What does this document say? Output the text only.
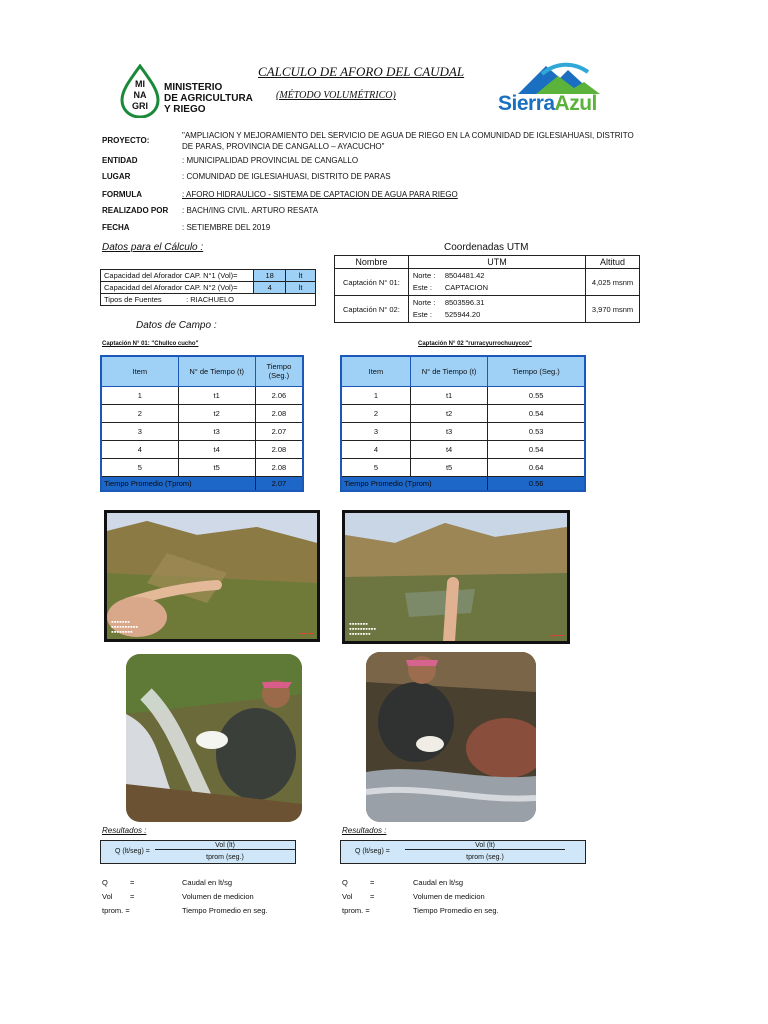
MI
NA
GRI
MINISTERIO
DE AGRICULTURA
Y RIEGO
CALCULO DE AFORO DEL CAUDAL
(MÉTODO VOLUMÉTRICO)	SierraAzul
PROYECTO:
"AMPLIACION Y MEJORAMIENTO DEL SERVICIO DE AGUA DE RIEGO EN LA COMUNIDAD DE IGLESIAHUASI, DISTRITO DE PARAS, PROVINCIA DE CANGALLO – AYACUCHO"
ENTIDAD	: MUNICIPALIDAD PROVINCIAL DE CANGALLO
LUGAR	: COMUNIDAD DE IGLESIAHUASI, DISTRITO DE PARAS
FORMULA	: AFORO HIDRAULICO - SISTEMA DE CAPTACION DE AGUA PARA RIEGO
REALIZADO POR : BACH/ING CIVIL. ARTURO RESATA
FECHA	: SETIEMBRE DEL 2019
Datos para el Cálculo :
Capacidad del Aforador CAP. N°1 (Vol)=	18	lt
Capacidad del Aforador CAP. N°2 (Vol)=	4	lt
Tipos de Fuentes : RIACHUELO		
Coordenadas UTM
Nombre	UTM	Altitud
Captación N° 01:	Norte : 8504481.42
Este : CAPTACION	4,025 msnm
Captación N° 02:	Norte : 8503596.31
Este : 525944.20	3,970 msnm
Datos de Campo :
Captación N° 01: "Chullco cucho"	Captación N° 02 "rurracyurrochuuycco"
Item	N° de Tiempo (t)	Tiempo (Seg.)
1	t1	2.06
2	t2	2.08
3	t3	2.07
4	t4	2.08
5	t5	2.08
Tiempo Promedio (Tprom)		2.07
Item	N° de Tiempo (t)	Tiempo (Seg.)
1	t1	0.55
2	t2	0.54
3	t3	0.53
4	t4	0.54
5	t5	0.64
Tiempo Promedio (Tprom)		0.56
▪▪▪▪▪▪▪
▪▪▪▪▪▪▪▪▪▪
▪▪▪▪▪▪▪▪	▪▪▪▪▪▪▪▪▪
▪▪▪▪▪▪▪
▪▪▪▪▪▪▪▪▪▪
▪▪▪▪▪▪▪▪	▪▪▪▪▪▪▪▪▪
Resultados :
Q (lt/seg) =
Vol (lt)
tprom (seg.)
Resultados :
Q (lt/seg) =
Vol (lt)
tprom (seg.)
Q	=	Caudal en lt/sg
Vol =	Volumen de medicion
tprom. =	Tiempo Promedio en seg.
Q	=	Caudal en lt/sg
Vol =	Volumen de medicion
tprom. =	Tiempo Promedio en seg.
